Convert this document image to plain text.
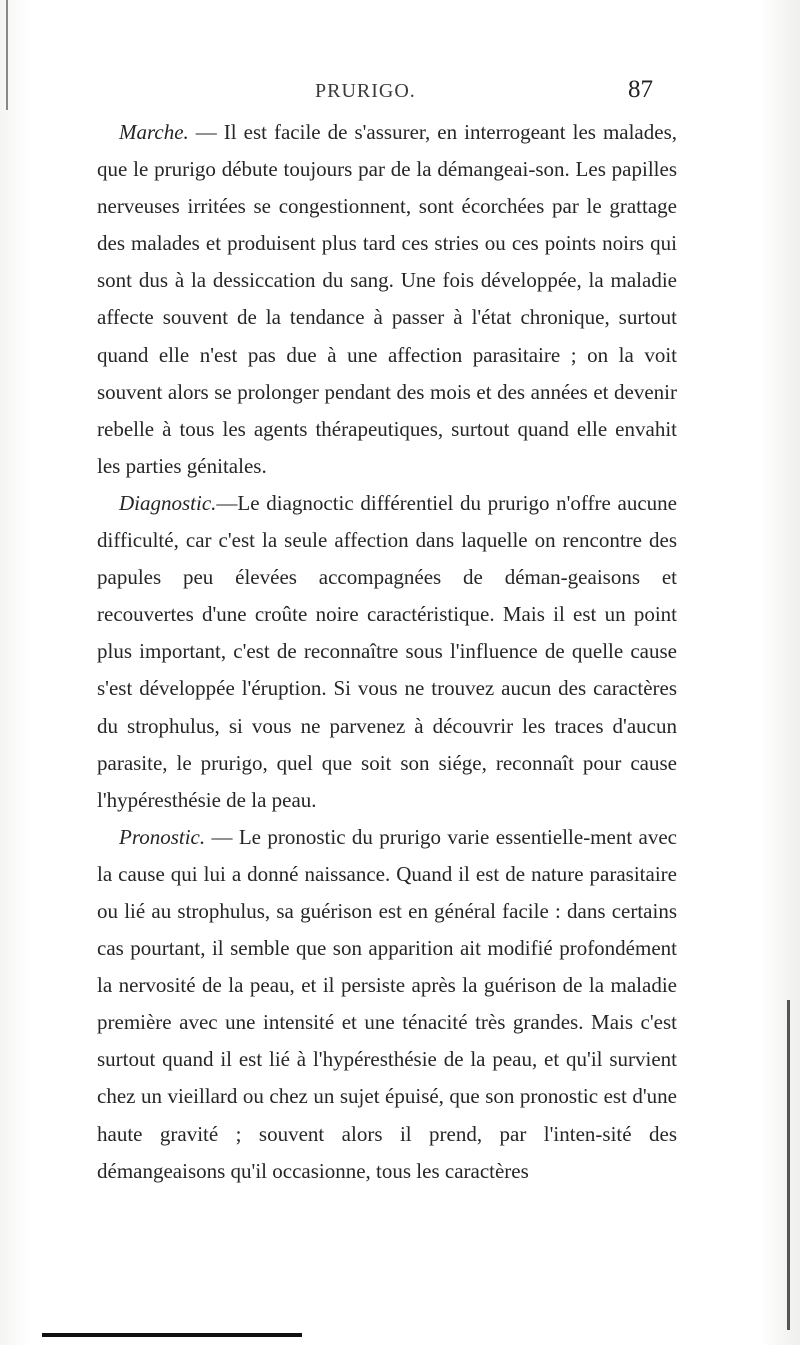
PRURIGO.	87

Marche. — Il est facile de s'assurer, en interrogeant les malades, que le prurigo débute toujours par de la démangeai-son. Les papilles nerveuses irritées se congestionnent, sont écorchées par le grattage des malades et produisent plus tard ces stries ou ces points noirs qui sont dus à la dessiccation du sang. Une fois développée, la maladie affecte souvent de la tendance à passer à l'état chronique, surtout quand elle n'est pas due à une affection parasitaire ; on la voit souvent alors se prolonger pendant des mois et des années et devenir rebelle à tous les agents thérapeutiques, surtout quand elle envahit les parties génitales.

Diagnostic.—Le diagnoctic différentiel du prurigo n'offre aucune difficulté, car c'est la seule affection dans laquelle on rencontre des papules peu élevées accompagnées de déman-geaisons et recouvertes d'une croûte noire caractéristique. Mais il est un point plus important, c'est de reconnaître sous l'influence de quelle cause s'est développée l'éruption. Si vous ne trouvez aucun des caractères du strophulus, si vous ne parvenez à découvrir les traces d'aucun parasite, le prurigo, quel que soit son siége, reconnaît pour cause l'hypéresthésie de la peau.

Pronostic. — Le pronostic du prurigo varie essentielle-ment avec la cause qui lui a donné naissance. Quand il est de nature parasitaire ou lié au strophulus, sa guérison est en général facile : dans certains cas pourtant, il semble que son apparition ait modifié profondément la nervosité de la peau, et il persiste après la guérison de la maladie première avec une intensité et une ténacité très grandes. Mais c'est surtout quand il est lié à l'hypéresthésie de la peau, et qu'il survient chez un vieillard ou chez un sujet épuisé, que son pronostic est d'une haute gravité ; souvent alors il prend, par l'inten-sité des démangeaisons qu'il occasionne, tous les caractères
